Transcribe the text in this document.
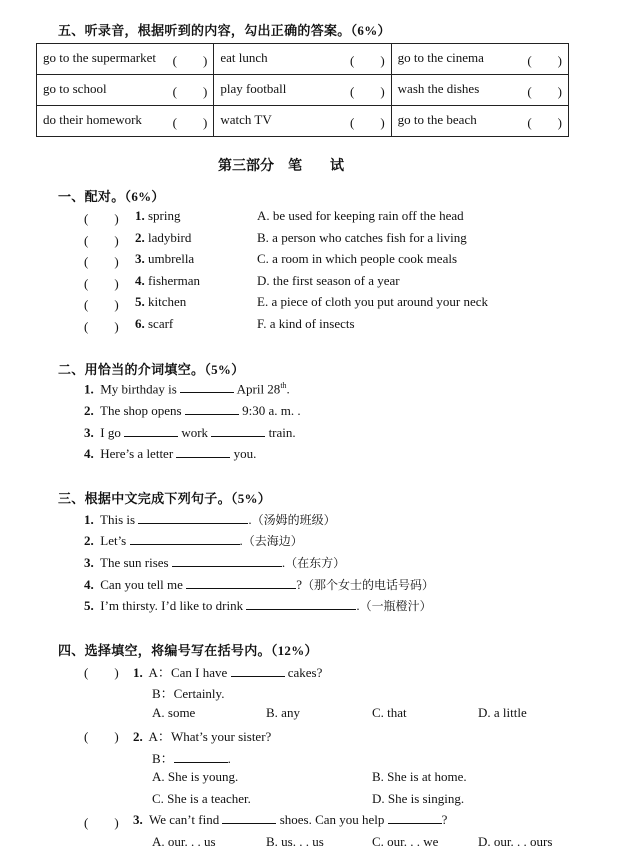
五、听录音，根据听到的内容，勾出正确的答案。（6%）
go to the supermarket (　　)	eat lunch (　　)	go to the cinema (　　)

go to school (　　)	play football (　　)	wash the dishes (　　)

do their homework (　　)	watch TV (　　)	go to the beach (　　)
第三部分　笔　　试
一、配对。（6%）
(　　) 1. spring	A. be used for keeping rain off the head
(　　) 2. ladybird	B. a person who catches fish for a living
(　　) 3. umbrella	C. a room in which people cook meals
(　　) 4. fisherman	D. the first season of a year
(　　) 5. kitchen	E. a piece of cloth you put around your neck
(　　) 6. scarf	F. a kind of insects
二、用恰当的介词填空。（5%）
1. My birthday is	April 28th.
2. The shop opens	9:30 a. m. .
3. I go	work	train.
4. Here’s a letter	you.
三、根据中文完成下列句子。（5%）
1. This is	.（汤姆的班级）
2. Let’s	.（去海边）
3. The sun rises	.（在东方）
4. Can you tell me	?（那个女士的电话号码）
5. I’m thirsty. I’d like to drink	.（一瓶橙汁）
四、选择填空，将编号写在括号内。（12%）
(　　) 1. A：Can I have	cakes?
B：Certainly.
A. some	B. any	C. that	D. a little
(　　) 2. A：What’s your sister?
B：	.
A. She is young.	B. She is at home.
C. She is a teacher.	D. She is singing.
(　　) 3. We can’t find	shoes. Can you help	?
A. our. . . us	B. us. . . us	C. our. . . we	D. our. . . ours
